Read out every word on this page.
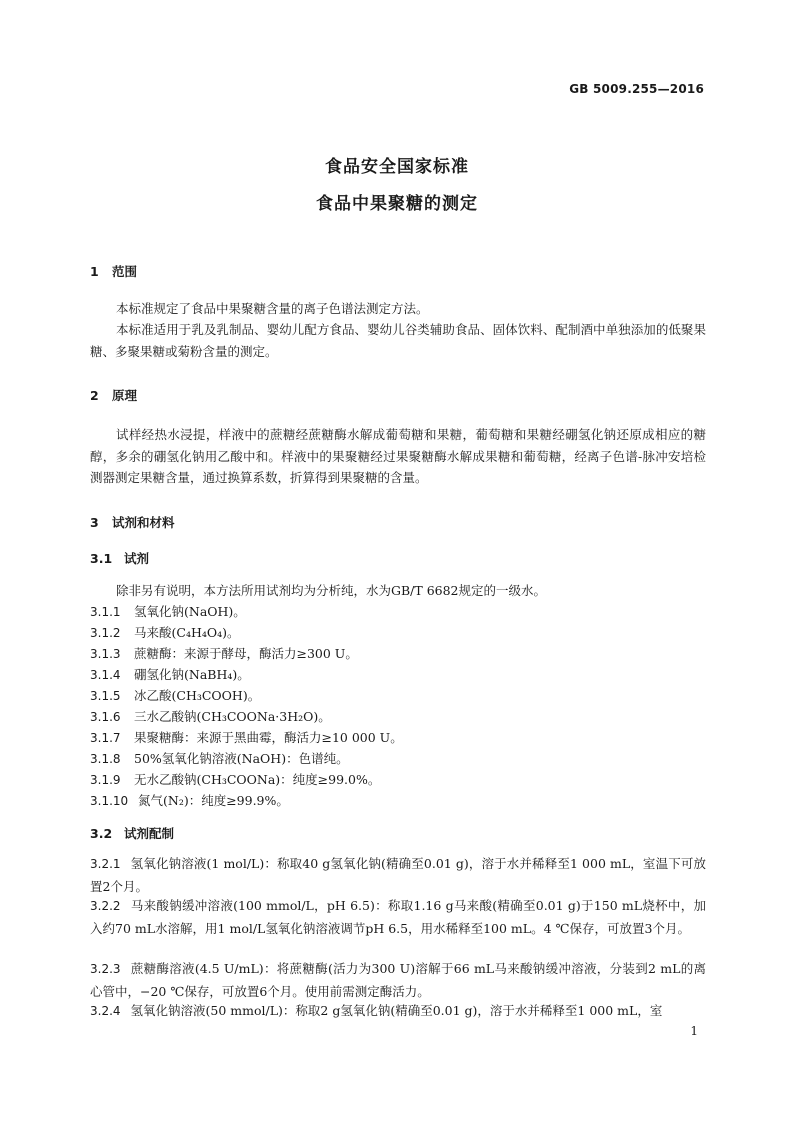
GB 5009.255—2016
食品安全国家标准
食品中果聚糖的测定
1 范围
本标准规定了食品中果聚糖含量的离子色谱法测定方法。
本标准适用于乳及乳制品、婴幼儿配方食品、婴幼儿谷类辅助食品、固体饮料、配制酒中单独添加的低聚果糖、多聚果糖或菊粉含量的测定。
2 原理
试样经热水浸提，样液中的蔗糖经蔗糖酶水解成葡萄糖和果糖，葡萄糖和果糖经硼氢化钠还原成相应的糖醇，多余的硼氢化钠用乙酸中和。样液中的果聚糖经过果聚糖酶水解成果糖和葡萄糖，经离子色谱-脉冲安培检测器测定果糖含量，通过换算系数，折算得到果聚糖的含量。
3 试剂和材料
3.1 试剂
除非另有说明，本方法所用试剂均为分析纯，水为GB/T 6682规定的一级水。
3.1.1 氢氧化钠(NaOH)。
3.1.2 马来酸(C₄H₄O₄)。
3.1.3 蔗糖酶：来源于酵母，酶活力≥300 U。
3.1.4 硼氢化钠(NaBH₄)。
3.1.5 冰乙酸(CH₃COOH)。
3.1.6 三水乙酸钠(CH₃COONa·3H₂O)。
3.1.7 果聚糖酶：来源于黑曲霉，酶活力≥10 000 U。
3.1.8 50%氢氧化钠溶液(NaOH)：色谱纯。
3.1.9 无水乙酸钠(CH₃COONa)：纯度≥99.0%。
3.1.10 氮气(N₂)：纯度≥99.9%。
3.2 试剂配制
3.2.1 氢氧化钠溶液(1 mol/L)：称取40 g氢氧化钠(精确至0.01 g)，溶于水并稀释至1 000 mL，室温下可放置2个月。
3.2.2 马来酸钠缓冲溶液(100 mmol/L，pH 6.5)：称取1.16 g马来酸(精确至0.01 g)于150 mL烧杯中，加入约70 mL水溶解，用1 mol/L氢氧化钠溶液调节pH 6.5，用水稀释至100 mL。4 ℃保存，可放置3个月。
3.2.3 蔗糖酶溶液(4.5 U/mL)：将蔗糖酶(活力为300 U)溶解于66 mL马来酸钠缓冲溶液，分装到2 mL的离心管中，−20 ℃保存，可放置6个月。使用前需测定酶活力。
3.2.4 氢氧化钠溶液(50 mmol/L)：称取2 g氢氧化钠(精确至0.01 g)，溶于水并稀释至1 000 mL，室
1
